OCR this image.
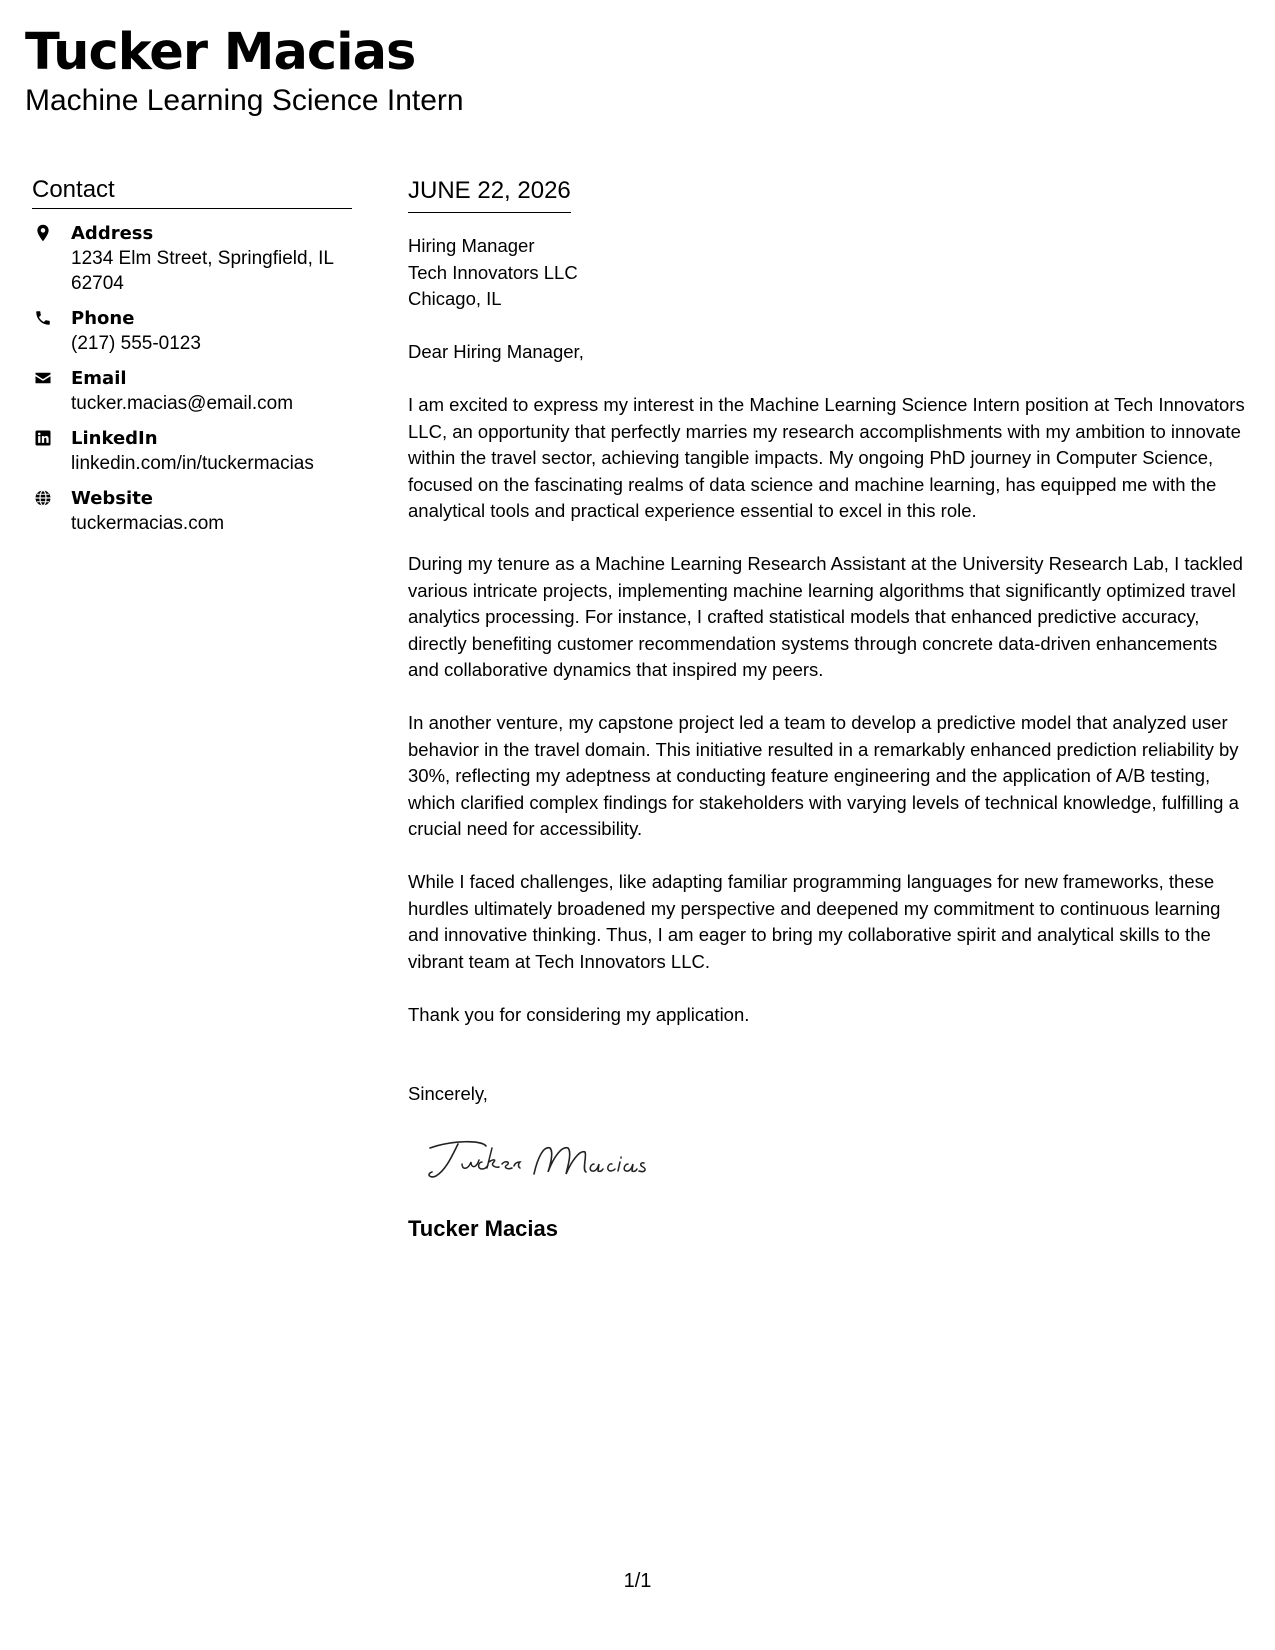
Tucker Macias
Machine Learning Science Intern
Contact
Address
1234 Elm Street, Springfield, IL 62704
Phone
(217) 555-0123
Email
tucker.macias@email.com
LinkedIn
linkedin.com/in/tuckermacias
Website
tuckermacias.com
JUNE 22, 2026
Hiring Manager
Tech Innovators LLC
Chicago, IL

Dear Hiring Manager,

I am excited to express my interest in the Machine Learning Science Intern position at Tech Innovators LLC, an opportunity that perfectly marries my research accomplishments with my ambition to innovate within the travel sector, achieving tangible impacts. My ongoing PhD journey in Computer Science, focused on the fascinating realms of data science and machine learning, has equipped me with the analytical tools and practical experience essential to excel in this role.

During my tenure as a Machine Learning Research Assistant at the University Research Lab, I tackled various intricate projects, implementing machine learning algorithms that significantly optimized travel analytics processing. For instance, I crafted statistical models that enhanced predictive accuracy, directly benefiting customer recommendation systems through concrete data-driven enhancements and collaborative dynamics that inspired my peers.

In another venture, my capstone project led a team to develop a predictive model that analyzed user behavior in the travel domain. This initiative resulted in a remarkably enhanced prediction reliability by 30%, reflecting my adeptness at conducting feature engineering and the application of A/B testing, which clarified complex findings for stakeholders with varying levels of technical knowledge, fulfilling a crucial need for accessibility.

While I faced challenges, like adapting familiar programming languages for new frameworks, these hurdles ultimately broadened my perspective and deepened my commitment to continuous learning and innovative thinking. Thus, I am eager to bring my collaborative spirit and analytical skills to the vibrant team at Tech Innovators LLC.

Thank you for considering my application.

Sincerely,
Tucker Macias
1/1
